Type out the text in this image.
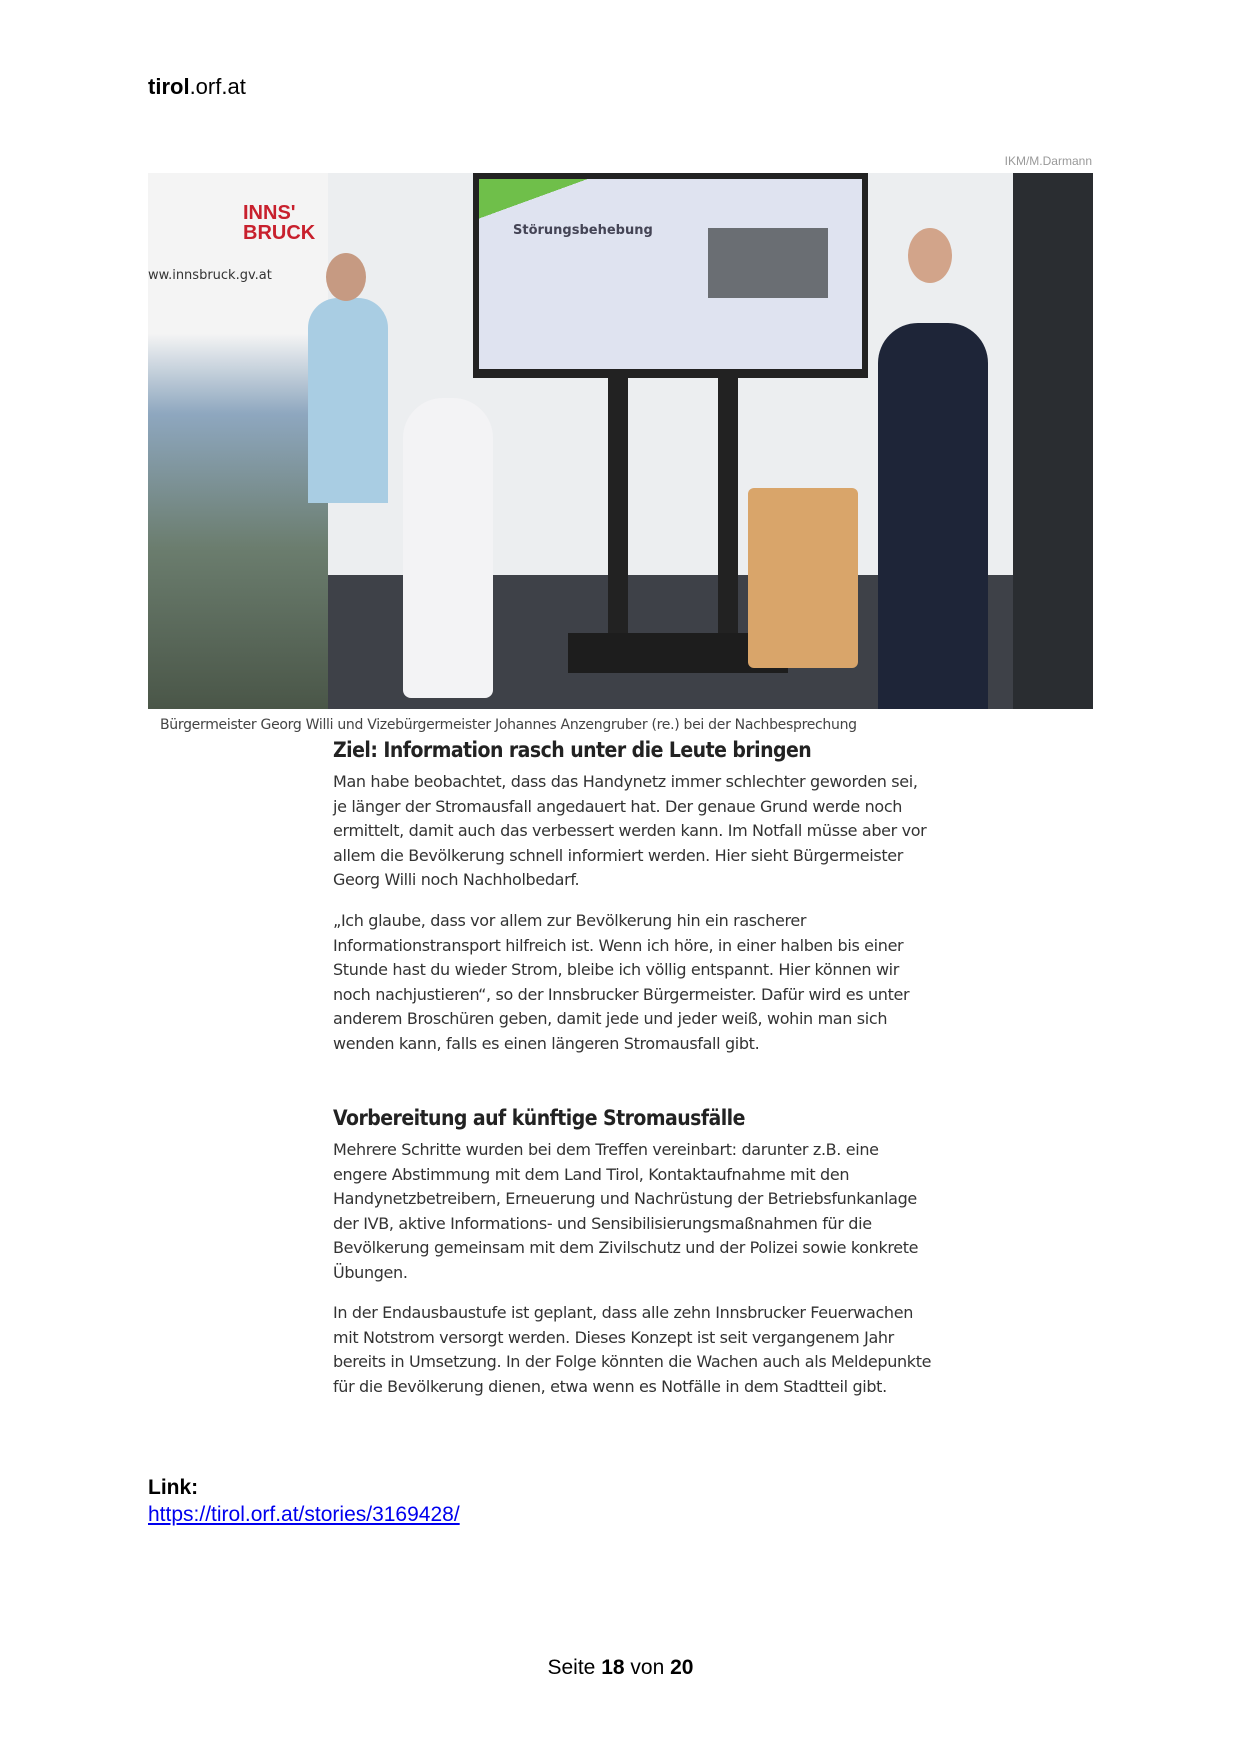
tirol.orf.at
IKM/M.Darmann
INNS' BRUCK	Störungsbehebung
ww.innsbruck.gv.at
Bürgermeister Georg Willi und Vizebürgermeister Johannes Anzengruber (re.) bei der Nachbesprechung
Ziel: Information rasch unter die Leute bringen

Man habe beobachtet, dass das Handynetz immer schlechter geworden sei, je länger der Stromausfall angedauert hat. Der genaue Grund werde noch ermittelt, damit auch das verbessert werden kann. Im Notfall müsse aber vor allem die Bevölkerung schnell informiert werden. Hier sieht Bürgermeister Georg Willi noch Nachholbedarf.

„Ich glaube, dass vor allem zur Bevölkerung hin ein rascherer Informationstransport hilfreich ist. Wenn ich höre, in einer halben bis einer Stunde hast du wieder Strom, bleibe ich völlig entspannt. Hier können wir noch nachjustieren“, so der Innsbrucker Bürgermeister. Dafür wird es unter anderem Broschüren geben, damit jede und jeder weiß, wohin man sich wenden kann, falls es einen längeren Stromausfall gibt.

Vorbereitung auf künftige Stromausfälle

Mehrere Schritte wurden bei dem Treffen vereinbart: darunter z.B. eine engere Abstimmung mit dem Land Tirol, Kontaktaufnahme mit den Handynetzbetreibern, Erneuerung und Nachrüstung der Betriebsfunkanlage der IVB, aktive Informations- und Sensibilisierungsmaßnahmen für die Bevölkerung gemeinsam mit dem Zivilschutz und der Polizei sowie konkrete Übungen.

In der Endausbaustufe ist geplant, dass alle zehn Innsbrucker Feuerwachen mit Notstrom versorgt werden. Dieses Konzept ist seit vergangenem Jahr bereits in Umsetzung. In der Folge könnten die Wachen auch als Meldepunkte für die Bevölkerung dienen, etwa wenn es Notfälle in dem Stadtteil gibt.

Link:
https://tirol.orf.at/stories/3169428/
Seite 18 von 20
